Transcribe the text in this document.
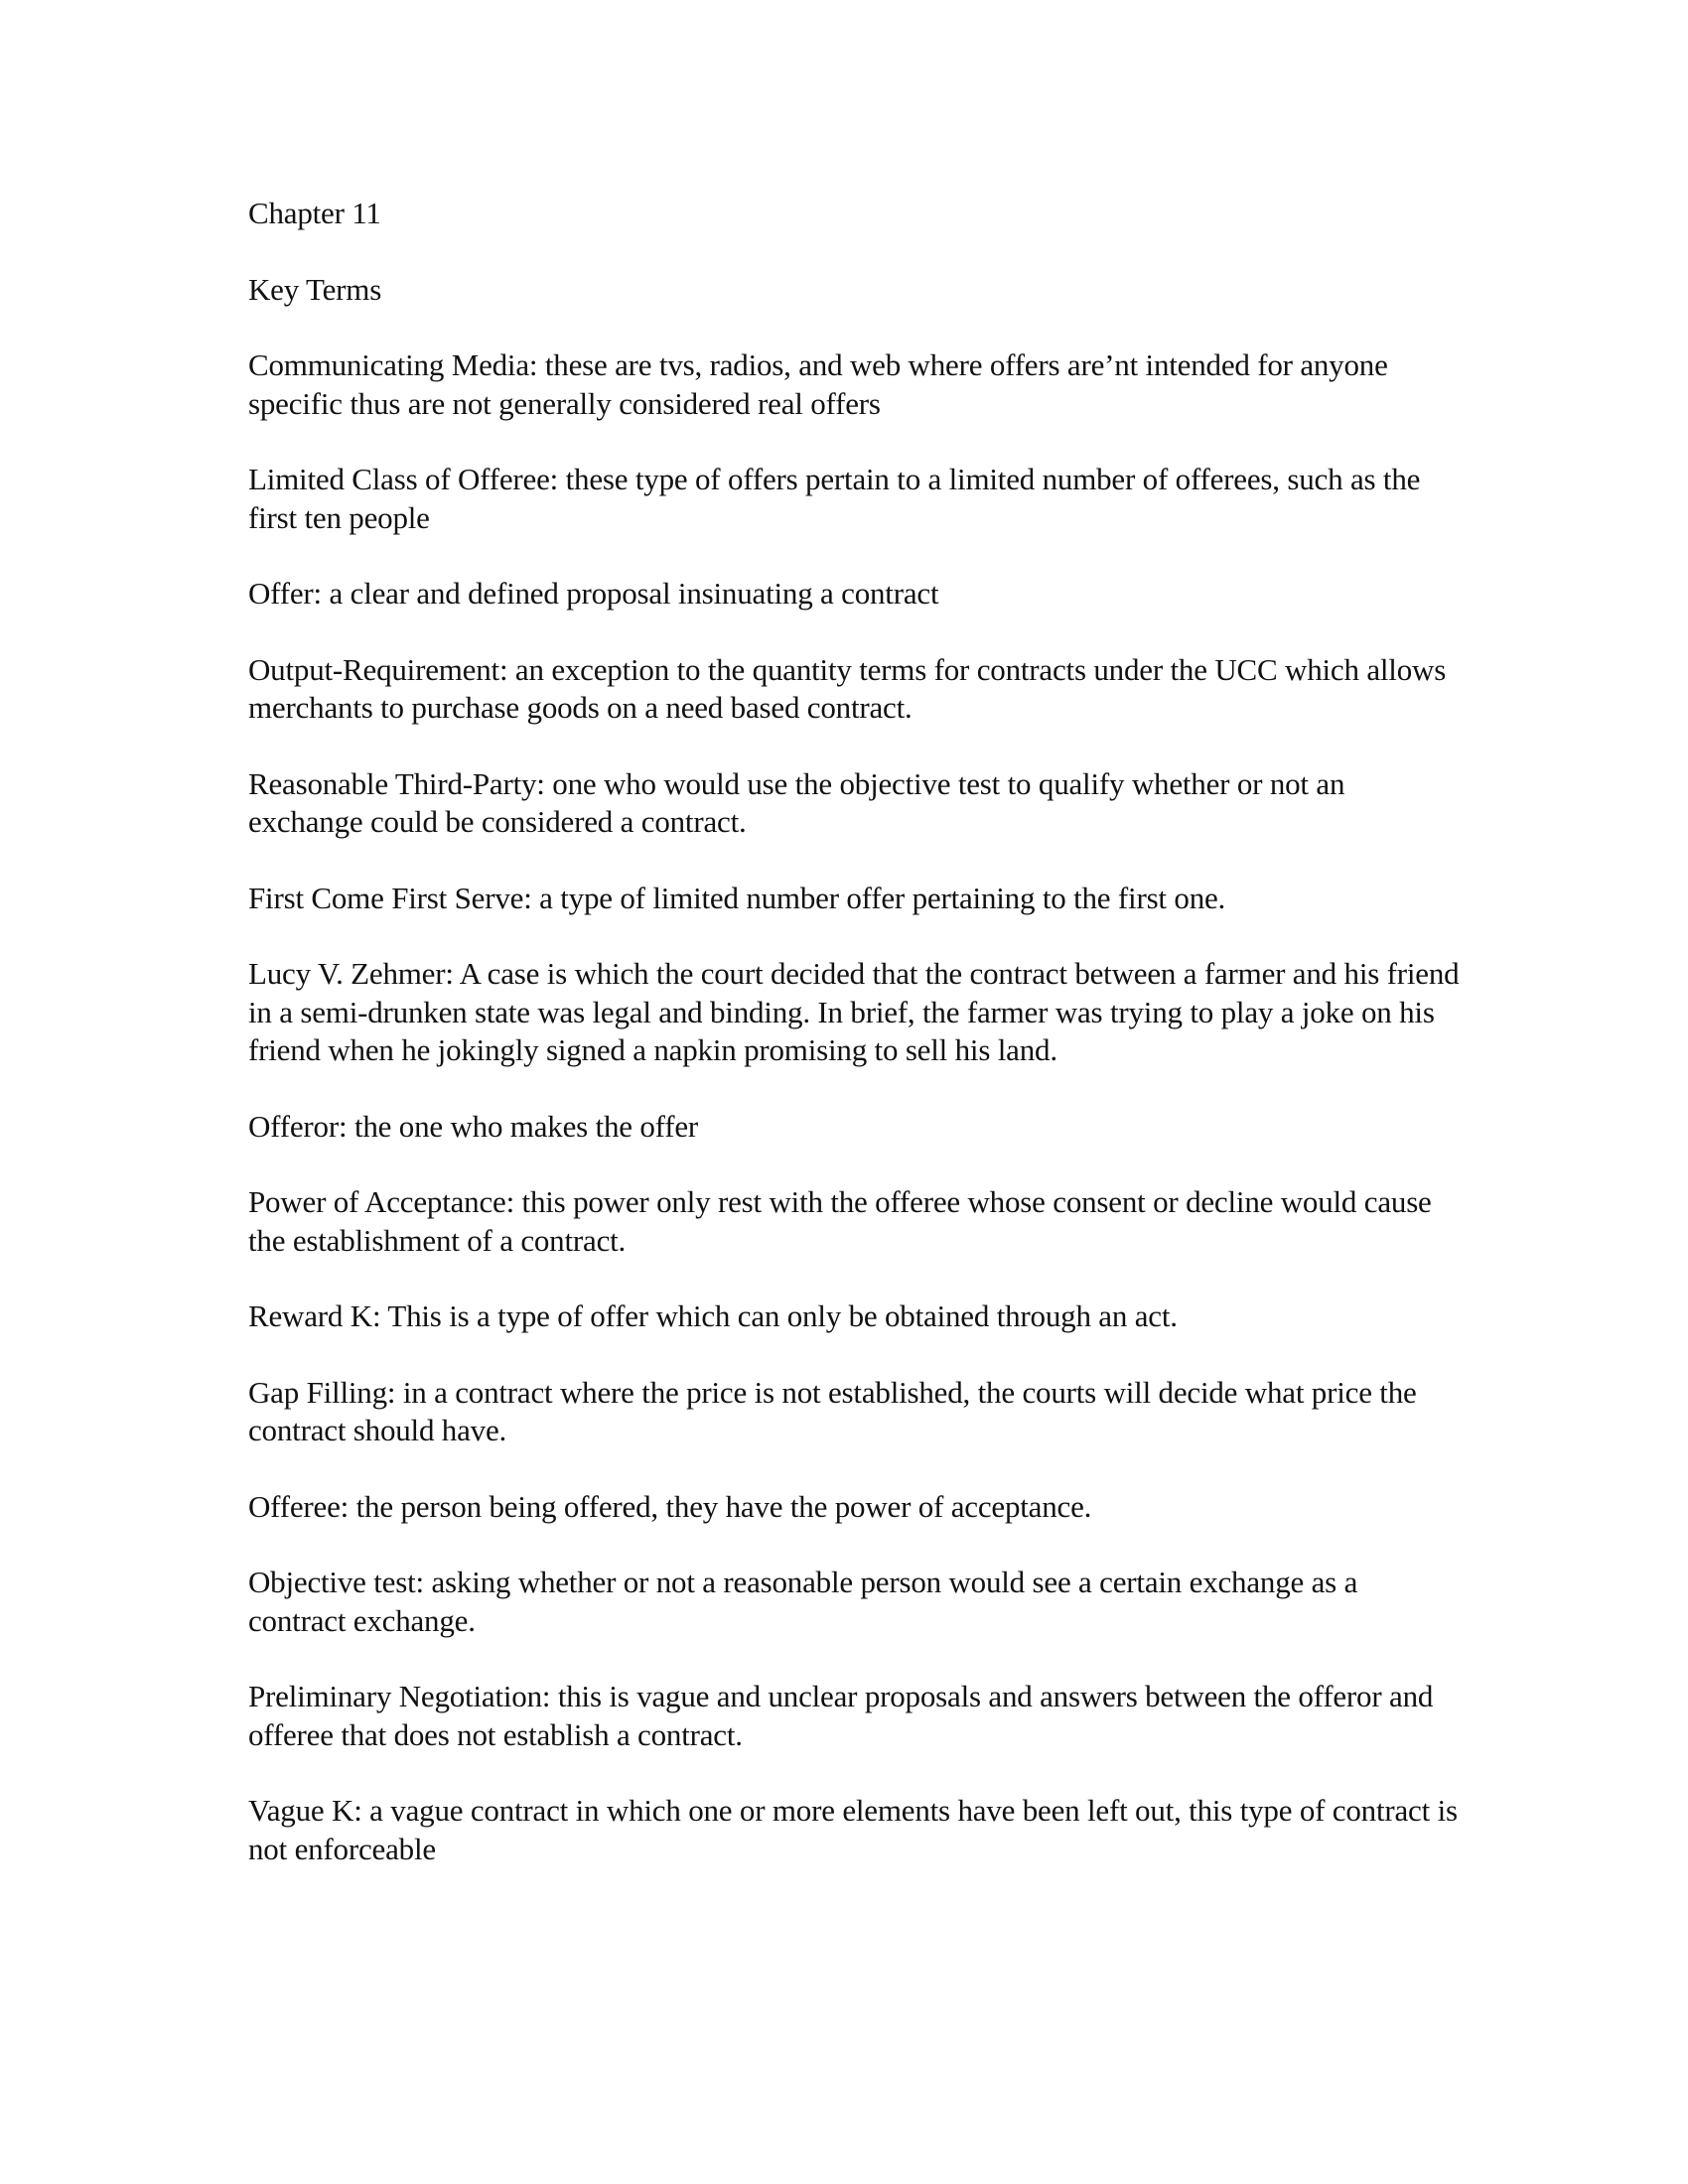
Chapter 11

Key Terms

Communicating Media: these are tvs, radios, and web where offers are’nt intended for anyone specific thus are not generally considered real offers

Limited Class of Offeree: these type of offers pertain to a limited number of offerees, such as the first ten people

Offer: a clear and defined proposal insinuating a contract

Output-Requirement: an exception to the quantity terms for contracts under the UCC which allows merchants to purchase goods on a need based contract.

Reasonable Third-Party: one who would use the objective test to qualify whether or not an exchange could be considered a contract.

First Come First Serve: a type of limited number offer pertaining to the first one.

Lucy V. Zehmer: A case is which the court decided that the contract between a farmer and his friend in a semi-drunken state was legal and binding. In brief, the farmer was trying to play a joke on his friend when he jokingly signed a napkin promising to sell his land.

Offeror: the one who makes the offer

Power of Acceptance: this power only rest with the offeree whose consent or decline would cause the establishment of a contract.

Reward K: This is a type of offer which can only be obtained through an act.

Gap Filling: in a contract where the price is not established, the courts will decide what price the contract should have.

Offeree: the person being offered, they have the power of acceptance.

Objective test: asking whether or not a reasonable person would see a certain exchange as a contract exchange.

Preliminary Negotiation: this is vague and unclear proposals and answers between the offeror and offeree that does not establish a contract.

Vague K: a vague contract in which one or more elements have been left out, this type of contract is not enforceable
